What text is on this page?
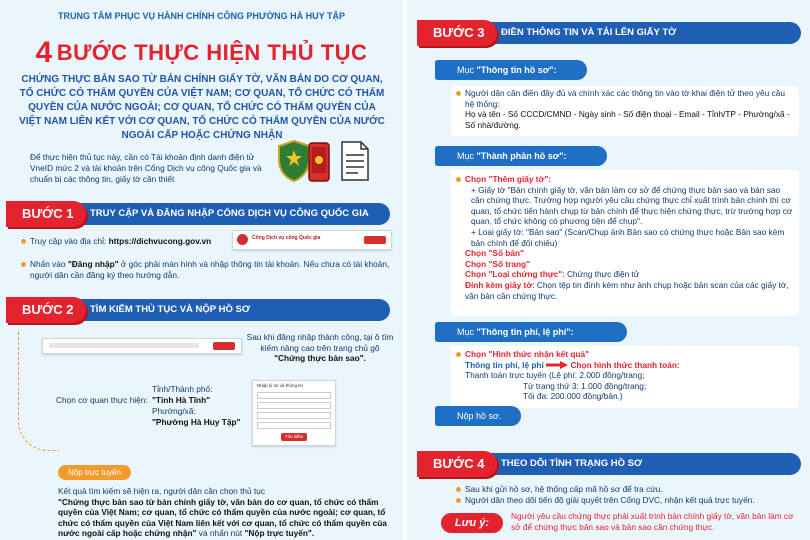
TRUNG TÂM PHỤC VỤ HÀNH CHÍNH CÔNG PHƯỜNG HÀ HUY TẬP
4 BƯỚC THỰC HIỆN THỦ TỤC
CHỨNG THỰC BẢN SAO TỪ BẢN CHÍNH GIẤY TỜ, VĂN BẢN DO CƠ QUAN, TỔ CHỨC CÓ THẨM QUYỀN CỦA VIỆT NAM; CƠ QUAN, TỔ CHỨC CÓ THẨM QUYỀN CỦA NƯỚC NGOÀI; CƠ QUAN, TỔ CHỨC CÓ THẨM QUYỀN CỦA VIỆT NAM LIÊN KẾT VỚI CƠ QUAN, TỔ CHỨC CÓ THẨM QUYỀN CỦA NƯỚC NGOÀI CẤP HOẶC CHỨNG NHẬN
Để thực hiện thủ tục này, cần có Tài khoản định danh điện tử VneID mức 2 và tài khoản trên Cổng Dịch vụ công Quốc gia và chuẩn bị các thông tin, giấy tờ cần thiết
TRUY CẬP VÀ ĐĂNG NHẬP CỔNG DỊCH VỤ CÔNG QUỐC GIA
BƯỚC 1
Truy cập vào địa chỉ: https://dichvucong.gov.vn	Cổng Dịch vụ công Quốc gia
Nhấn vào "Đăng nhập" ở góc phải màn hình và nhập thông tin tài khoản. Nếu chưa có tài khoản, người dân cần đăng ký theo hướng dẫn.
TÌM KIẾM THỦ TỤC VÀ NỘP HỒ SƠ
BƯỚC 2
Sau khi đăng nhập thành công, tại ô tìm kiếm nâng cao trên trang chủ gõ "Chứng thực bản sao".
Chọn cơ quan thực hiện:
Tỉnh/Thành phố:
"Tỉnh Hà Tĩnh"
Phường/xã:
"Phường Hà Huy Tập"
Nhập lý do và thông tin
Tìm kiếm
Nộp trực tuyến
Kết quả tìm kiếm sẽ hiện ra, người dân cần chọn thủ tục
"Chứng thực bản sao từ bản chính giấy tờ, văn bản do cơ quan, tổ chức có thẩm quyền của Việt Nam; cơ quan, tổ chức có thẩm quyền của nước ngoài; cơ quan, tổ chức có thẩm quyền của Việt Nam liên kết với cơ quan, tổ chức có thẩm quyền của nước ngoài cấp hoặc chứng nhận" và nhấn nút "Nộp trực tuyến".
ĐIỀN THÔNG TIN VÀ TẢI LÊN GIẤY TỜ
BƯỚC 3
Mục "Thông tin hồ sơ":
Người dân cần điền đầy đủ và chính xác các thông tin vào tờ khai điện tử theo yêu cầu hệ thống:
Họ và tên - Số CCCD/CMND - Ngày sinh - Số điện thoại - Email - Tỉnh/TP - Phường/xã - Số nhà/đường.
Mục "Thành phần hồ sơ":
Chọn "Thêm giấy tờ":
+ Giấy tờ "Bản chính giấy tờ, văn bản làm cơ sở để chứng thực bản sao và bản sao cần chứng thực. Trường hợp người yêu cầu chứng thực chỉ xuất trình bản chính thì cơ quan, tổ chức tiến hành chụp từ bản chính để thực hiện chứng thực, trừ trường hợp cơ quan, tổ chức không có phương tiện để chụp".
+ Loại giấy tờ: "Bản sao" (Scan/Chụp ảnh Bản sao có chứng thực hoặc Bản sao kèm bản chính để đối chiếu)
Chọn "Số bản"
Chọn "Số trang"
Chọn "Loại chứng thực": Chứng thực điện tử
Đính kèm giấy tờ: Chọn tệp tin đính kèm như ảnh chụp hoặc bản scan của các giấy tờ, văn bản cần chứng thực.
Mục "Thông tin phí, lệ phí":
Chọn "Hình thức nhận kết quả"
Thông tin phí, lệ phí	Chọn hình thức thanh toán:
Thanh toán trực tuyến (Lệ phí: 2.000 đồng/trang;
Từ trang thứ 3: 1.000 đồng/trang;
Tối đa: 200.000 đồng/bản.)
Nộp hồ sơ.
THEO DÕI TÌNH TRẠNG HỒ SƠ
BƯỚC 4
Sau khi gửi hồ sơ, hệ thống cấp mã hồ sơ để tra cứu.
Người dân theo dõi tiến độ giải quyết trên Cổng DVC, nhận kết quả trực tuyến.
Lưu ý:
Người yêu cầu chứng thực phải xuất trình bản chính giấy tờ, văn bản làm cơ sở để chứng thực bản sao và bản sao cần chứng thực.
